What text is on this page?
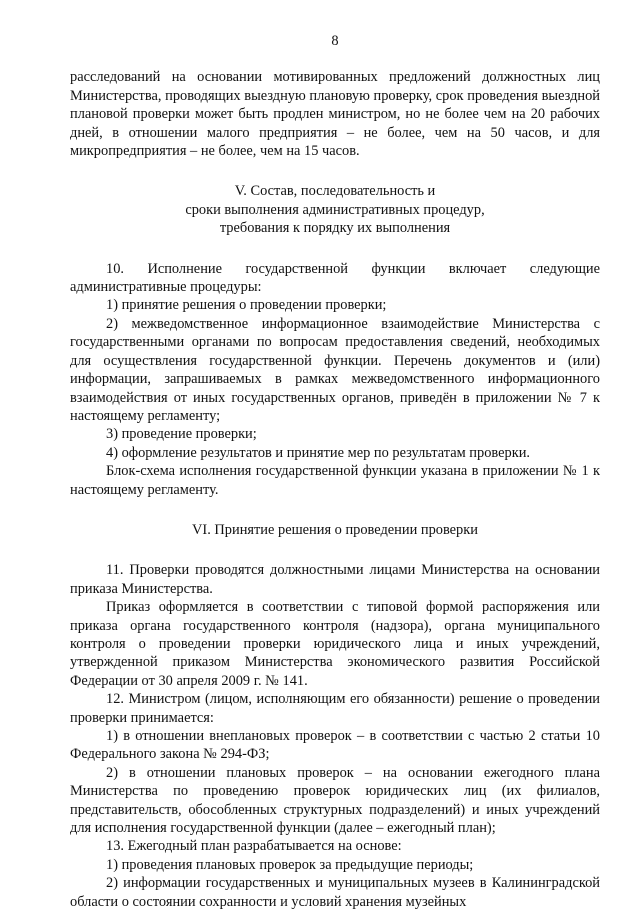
8

расследований на основании мотивированных предложений должностных лиц Министерства, проводящих выездную плановую проверку, срок проведения выездной плановой проверки может быть продлен министром, но не более чем на 20 рабочих дней, в отношении малого предприятия – не более, чем на 50 часов, и для микропредприятия – не более, чем на 15 часов.

V. Состав, последовательность и
сроки выполнения административных процедур,
требования к порядку их выполнения

10. Исполнение государственной функции включает следующие административные процедуры:

1) принятие решения о проведении проверки;

2) межведомственное информационное взаимодействие Министерства с государственными органами по вопросам предоставления сведений, необходимых для осуществления государственной функции. Перечень документов и (или) информации, запрашиваемых в рамках межведомственного информационного взаимодействия от иных государственных органов, приведён в приложении № 7 к настоящему регламенту;

3) проведение проверки;

4) оформление результатов и принятие мер по результатам проверки.

Блок-схема исполнения государственной функции указана в приложении № 1 к настоящему регламенту.

VI. Принятие решения о проведении проверки

11. Проверки проводятся должностными лицами Министерства на основании приказа Министерства.

Приказ оформляется в соответствии с типовой формой распоряжения или приказа органа государственного контроля (надзора), органа муниципального контроля о проведении проверки юридического лица и иных учреждений, утвержденной приказом Министерства экономического развития Российской Федерации от 30 апреля 2009 г. № 141.

12. Министром (лицом, исполняющим его обязанности) решение о проведении проверки принимается:

1) в отношении внеплановых проверок – в соответствии с частью 2 статьи 10 Федерального закона № 294-ФЗ;

2) в отношении плановых проверок – на основании ежегодного плана Министерства по проведению проверок юридических лиц (их филиалов, представительств, обособленных структурных подразделений) и иных учреждений для исполнения государственной функции (далее – ежегодный план);

13. Ежегодный план разрабатывается на основе:

1) проведения плановых проверок за предыдущие периоды;

2) информации государственных и муниципальных музеев в Калининградской области о состоянии сохранности и условий хранения музейных
